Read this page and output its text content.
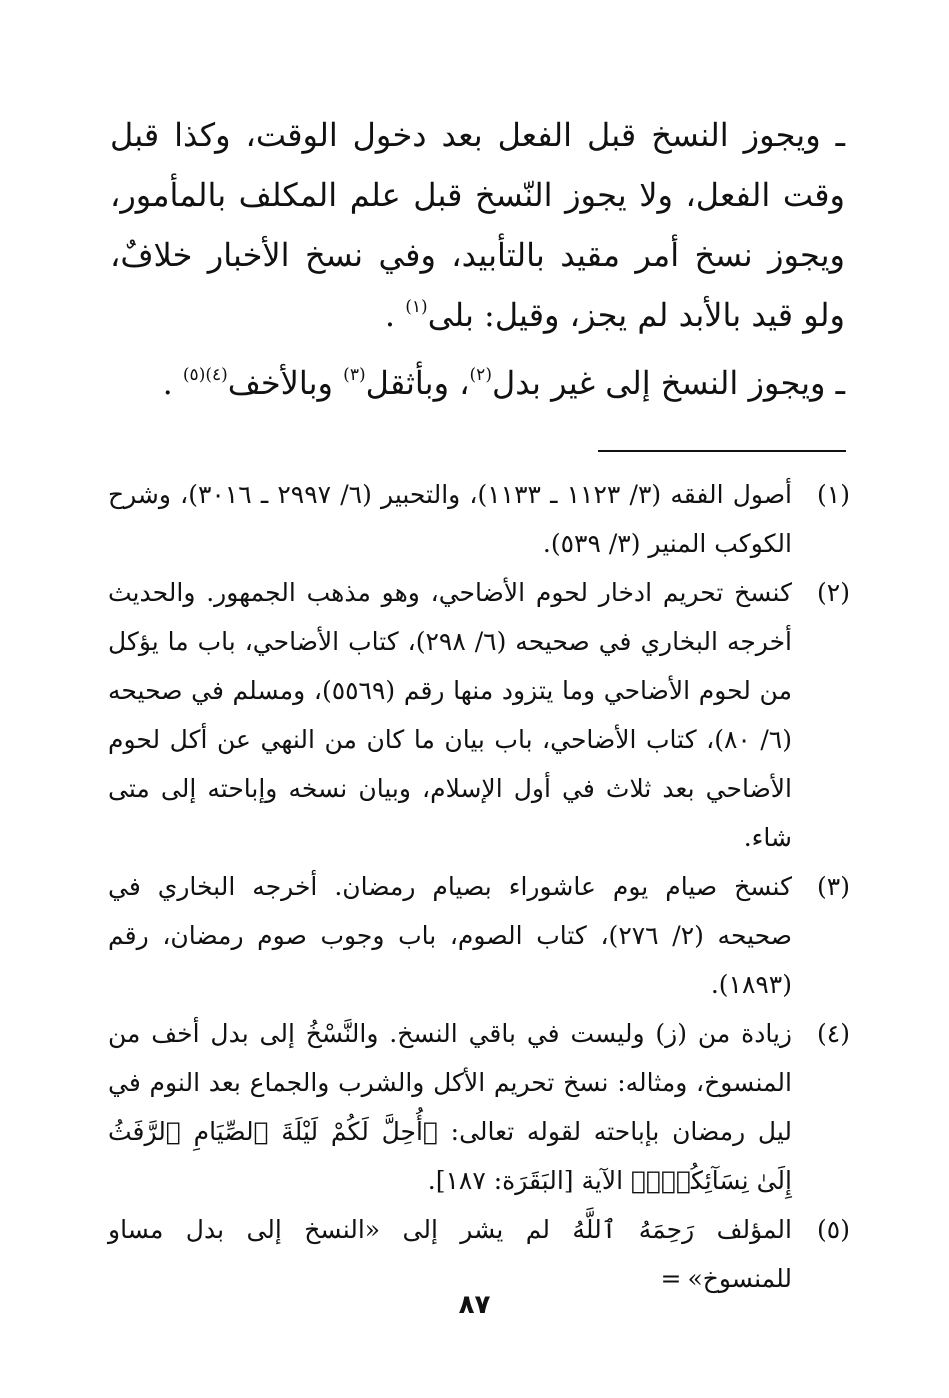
ـ ويجوز النسخ قبل الفعل بعد دخول الوقت، وكذا قبل وقت الفعل، ولا يجوز النّسخ قبل علم المكلف بالمأمور، ويجوز نسخ أمر مقيد بالتأبيد، وفي نسخ الأخبار خلافٌ، ولو قيد بالأبد لم يجز، وقيل: بلى$^{(١)}$ .

ـ ويجوز النسخ إلى غير بدل$^{(٢)}$، وبأثقل$^{(٣)}$ وبالأخف$^{(٤)(٥)}$ .

(١)
أصول الفقه (٣/ ١١٢٣ ـ ١١٣٣)، والتحبير (٦/ ٢٩٩٧ ـ ٣٠١٦)، وشرح الكوكب المنير (٣/ ٥٣٩).
(٢)
كنسخ تحريم ادخار لحوم الأضاحي، وهو مذهب الجمهور. والحديث أخرجه البخاري في صحيحه (٦/ ٢٩٨)، كتاب الأضاحي، باب ما يؤكل من لحوم الأضاحي وما يتزود منها رقم (٥٥٦٩)، ومسلم في صحيحه (٦/ ٨٠)، كتاب الأضاحي، باب بيان ما كان من النهي عن أكل لحوم الأضاحي بعد ثلاث في أول الإسلام، وبيان نسخه وإباحته إلى متى شاء.
(٣)
كنسخ صيام يوم عاشوراء بصيام رمضان. أخرجه البخاري في صحيحه (٢/ ٢٧٦)، كتاب الصوم، باب وجوب صوم رمضان، رقم (١٨٩٣).
(٤)
زيادة من (ز) وليست في باقي النسخ. والنَّسْخُ إلى بدل أخف من المنسوخ، ومثاله: نسخ تحريم الأكل والشرب والجماع بعد النوم في ليل رمضان بإباحته لقوله تعالى: ﴿أُحِلَّ لَكُمْ لَيْلَةَ ٱلصِّيَامِ ٱلرَّفَثُ إِلَىٰ نِسَآئِكُمْۚ﴾ الآية [البَقَرَة: ١٨٧].
(٥)
المؤلف رَحِمَهُ ٱللَّهُ لم يشر إلى «النسخ إلى بدل مساو للمنسوخ»=
٨٧
